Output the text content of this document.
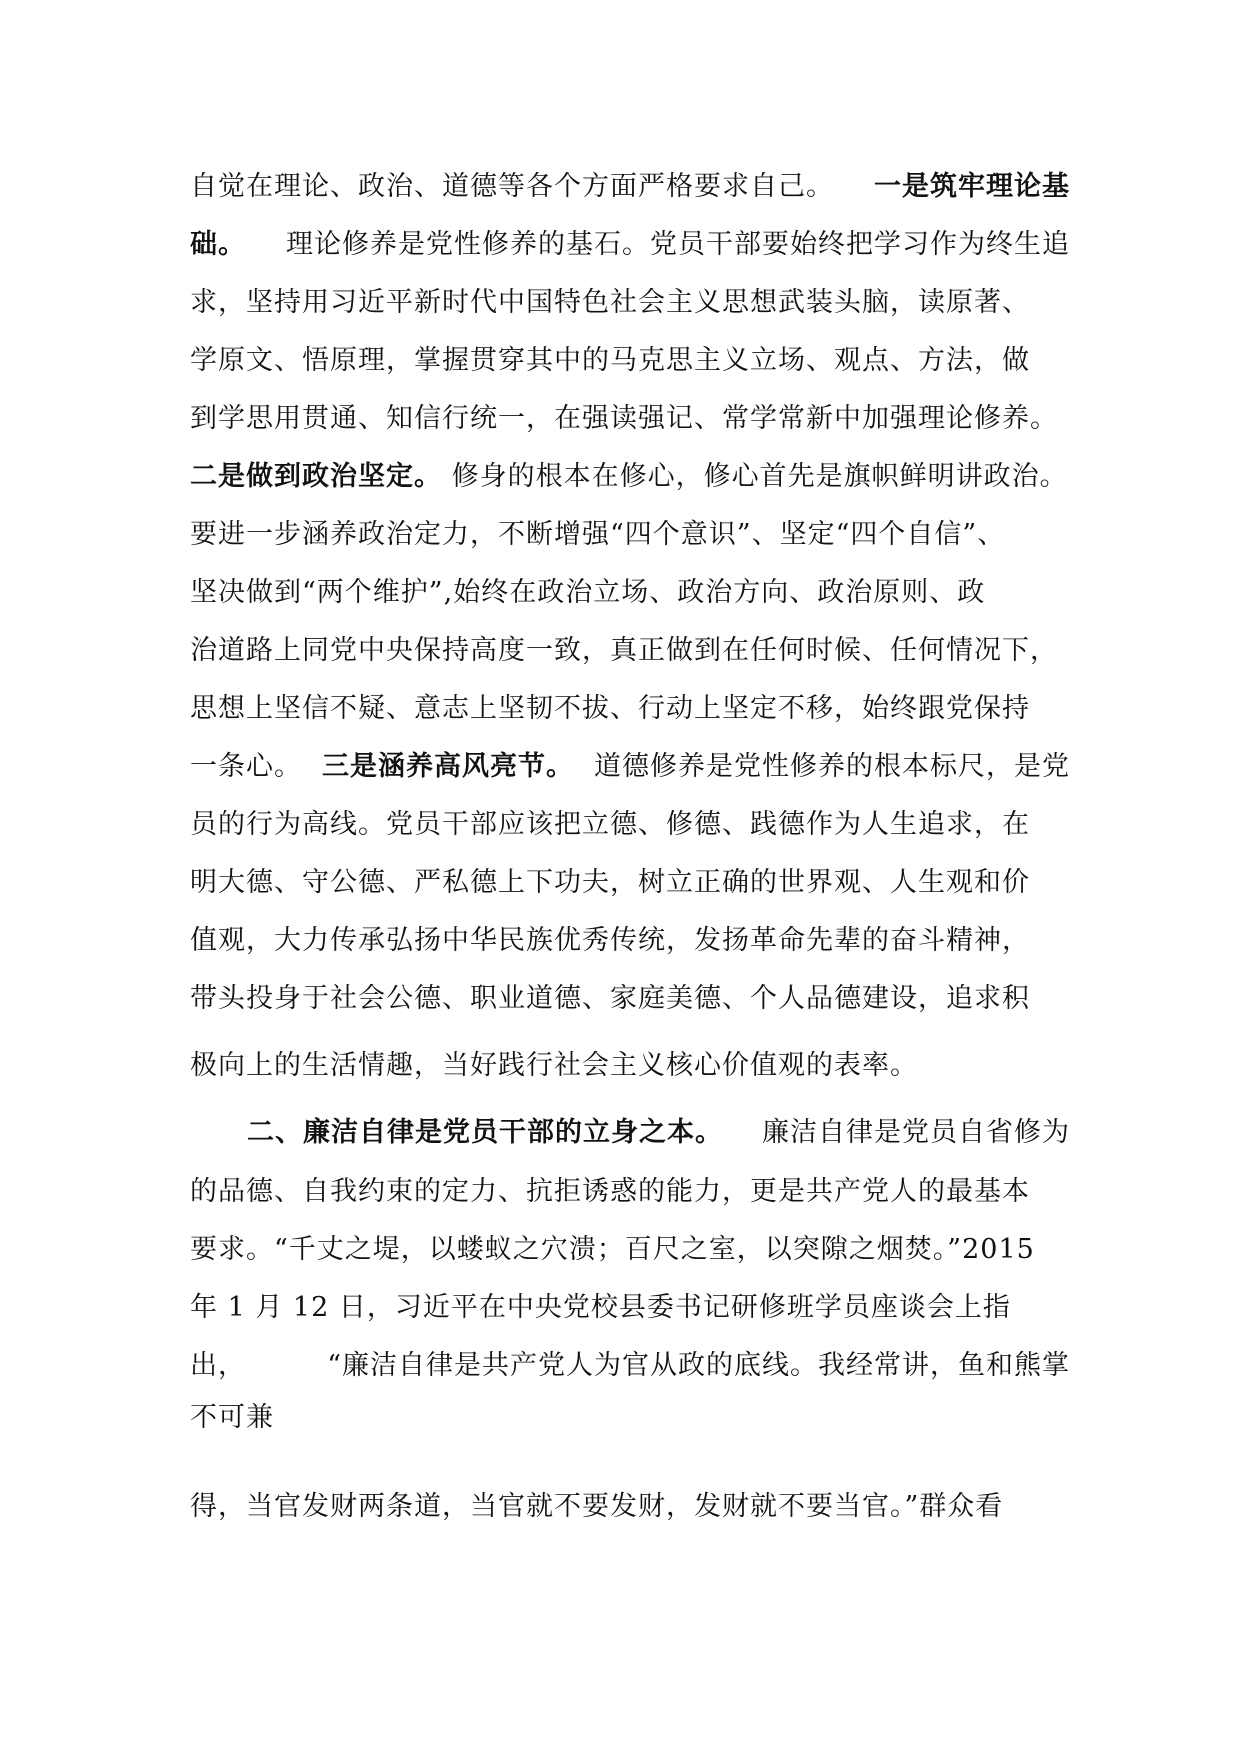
自觉在理论、政治、道德等各个方面严格要求自己。 一是筑牢理论基
础。 理论修养是党性修养的基石。党员干部要始终把学习作为终生追
求，坚持用习近平新时代中国特色社会主义思想武装头脑，读原著、
学原文、悟原理，掌握贯穿其中的马克思主义立场、观点、方法，做
到学思用贯通、知信行统一，在强读强记、常学常新中加强理论修养。
二是做到政治坚定。 修身的根本在修心，修心首先是旗帜鲜明讲政治。
要进一步涵养政治定力，不断增强“四个意识”、坚定“四个自信”、
坚决做到“两个维护”,始终在政治立场、政治方向、政治原则、政
治道路上同党中央保持高度一致，真正做到在任何时候、任何情况下，
思想上坚信不疑、意志上坚韧不拔、行动上坚定不移，始终跟党保持
一条心。 三是涵养高风亮节。 道德修养是党性修养的根本标尺，是党
员的行为高线。党员干部应该把立德、修德、践德作为人生追求，在
明大德、守公德、严私德上下功夫，树立正确的世界观、人生观和价
值观，大力传承弘扬中华民族优秀传统，发扬革命先辈的奋斗精神，
带头投身于社会公德、职业道德、家庭美德、个人品德建设，追求积
极向上的生活情趣，当好践行社会主义核心价值观的表率。
二、廉洁自律是党员干部的立身之本。 廉洁自律是党员自省修为
的品德、自我约束的定力、抗拒诱惑的能力，更是共产党人的最基本
要求。“千丈之堤，以蝼蚁之穴溃；百尺之室，以突隙之烟焚。”2015
年 1 月 12 日，习近平在中央党校县委书记研修班学员座谈会上指
出，	“廉洁自律是共产党人为官从政的底线。我经常讲，鱼和熊掌
不可兼
得，当官发财两条道，当官就不要发财，发财就不要当官。”群众看
